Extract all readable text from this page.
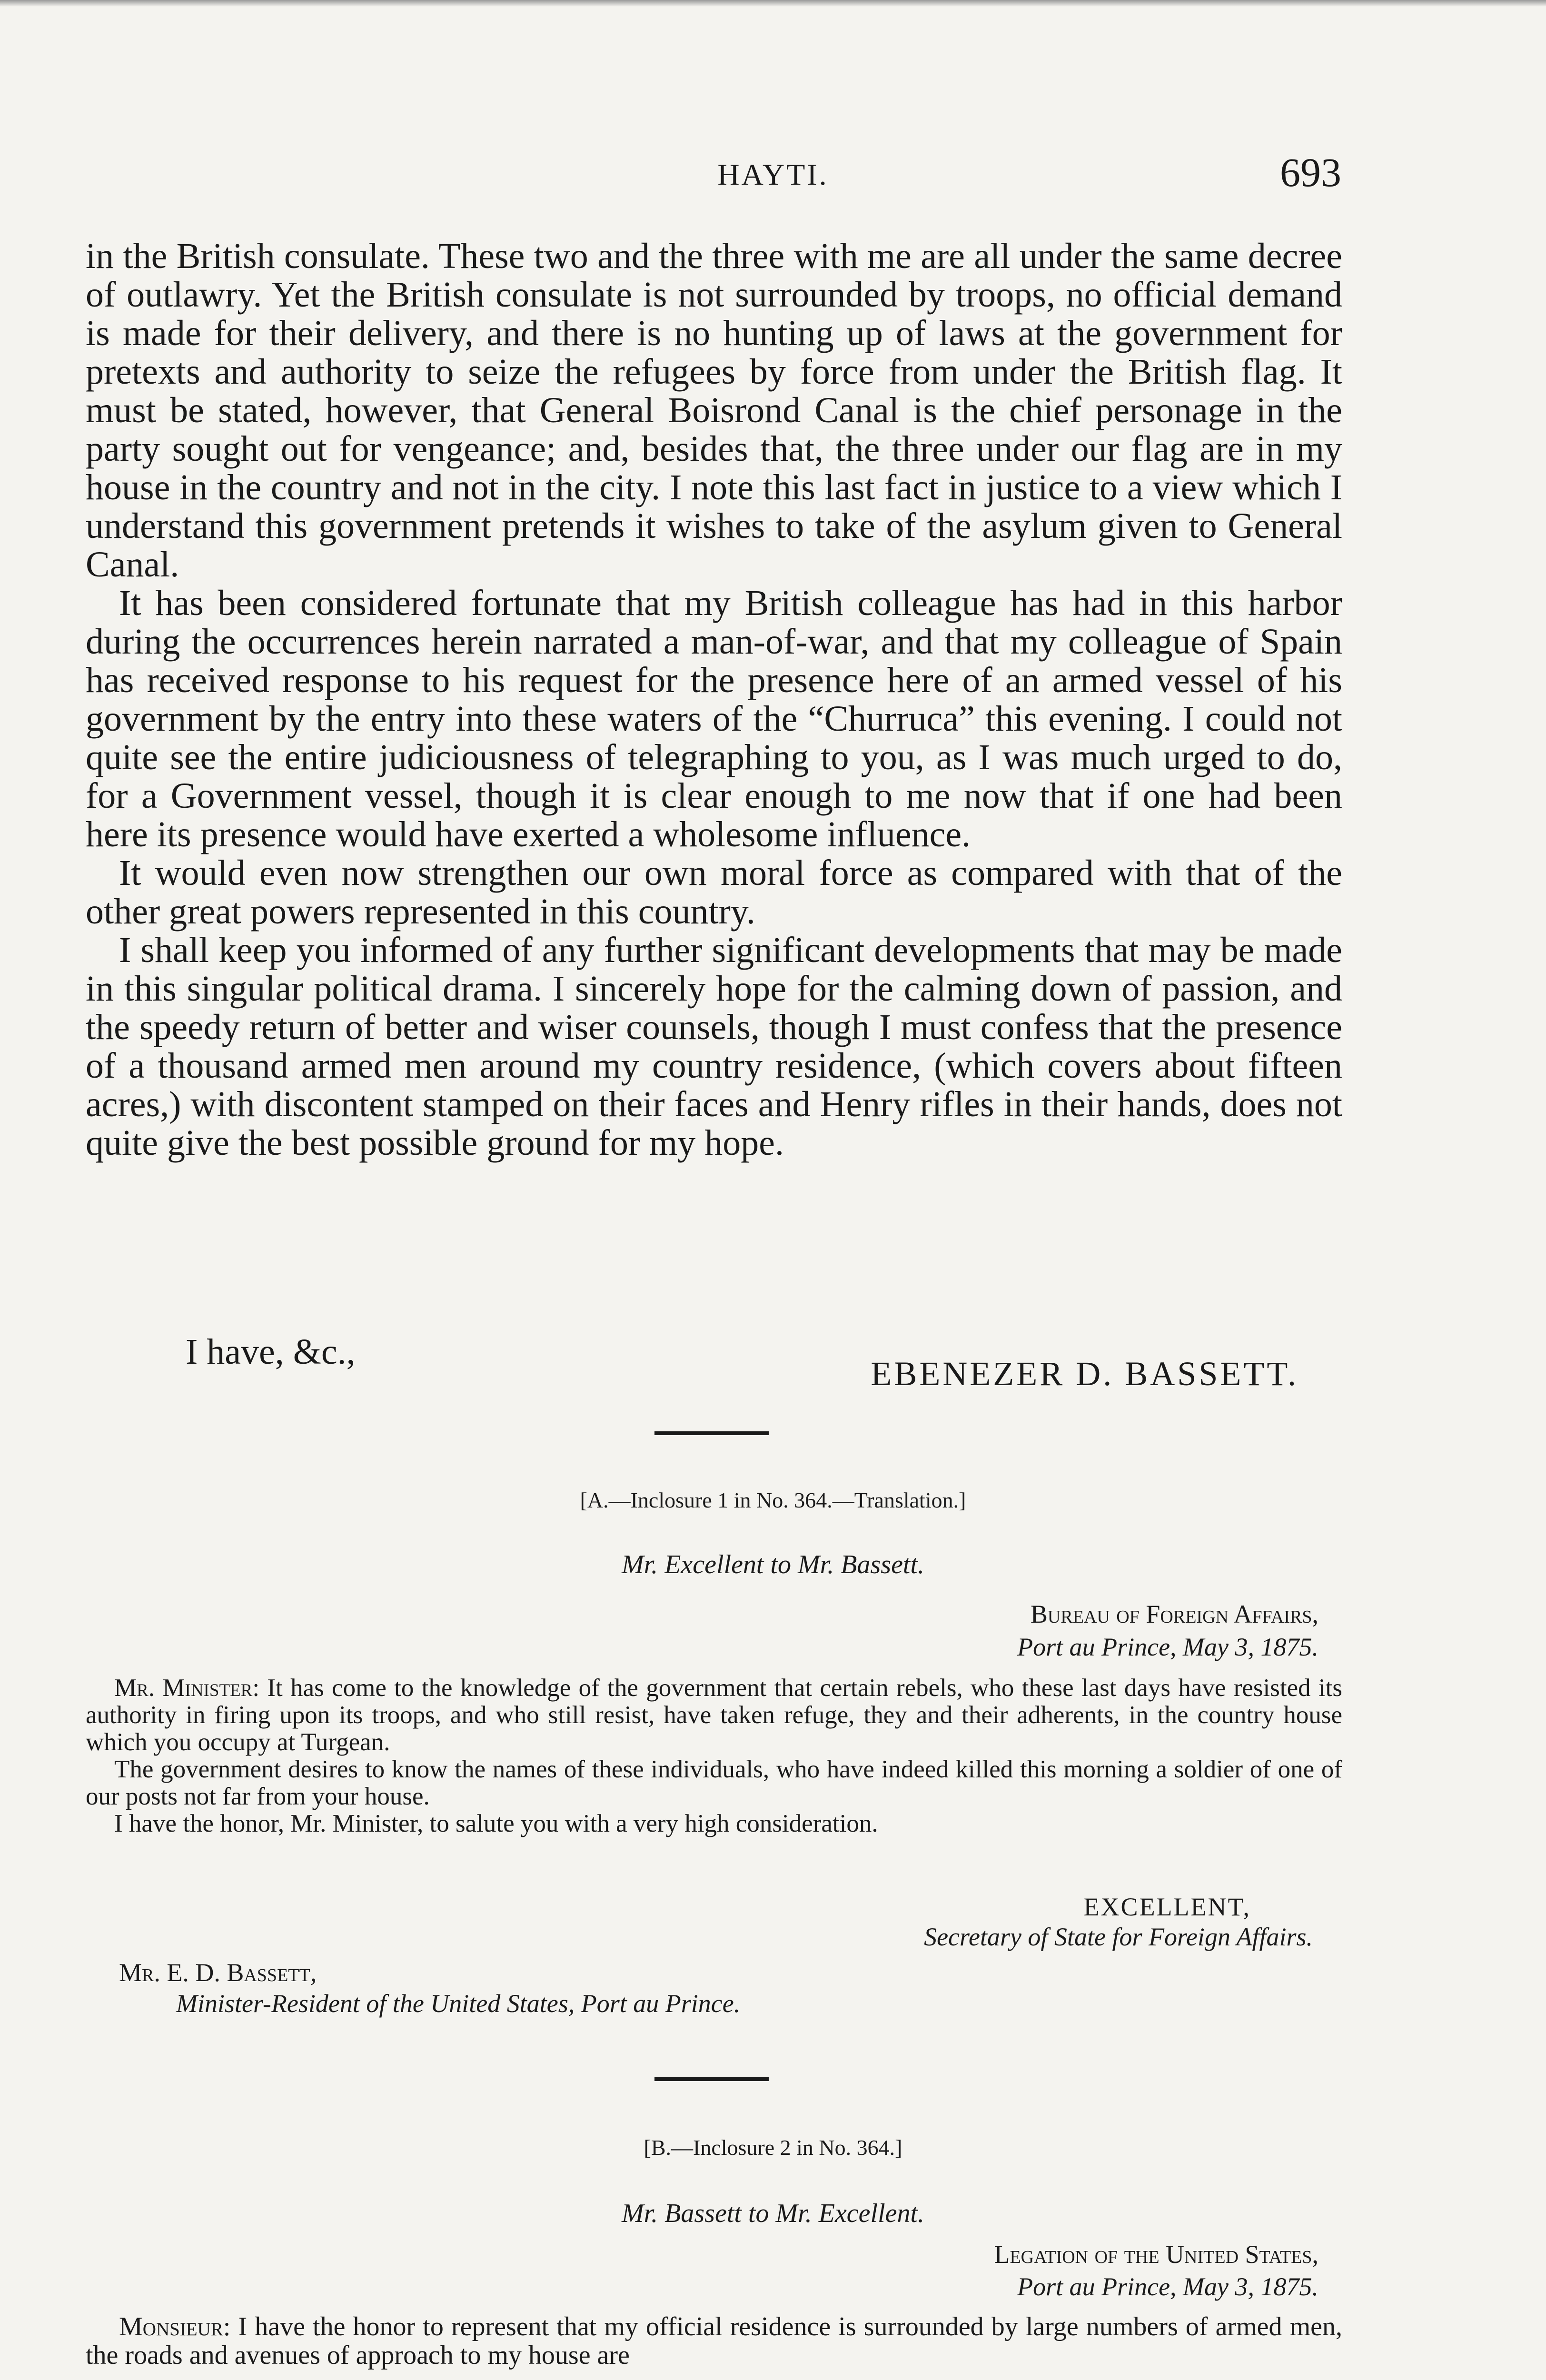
HAYTI.	693

in the British consulate. These two and the three with me are all under the same decree of outlawry. Yet the British consulate is not surrounded by troops, no official demand is made for their delivery, and there is no hunting up of laws at the government for pretexts and authority to seize the refugees by force from under the British flag. It must be stated, however, that General Boisrond Canal is the chief personage in the party sought out for vengeance; and, besides that, the three under our flag are in my house in the country and not in the city. I note this last fact in justice to a view which I understand this government pretends it wishes to take of the asylum given to General Canal.

It has been considered fortunate that my British colleague has had in this harbor during the occurrences herein narrated a man-of-war, and that my colleague of Spain has received response to his request for the presence here of an armed vessel of his government by the entry into these waters of the “Churruca” this evening. I could not quite see the entire judiciousness of telegraphing to you, as I was much urged to do, for a Government vessel, though it is clear enough to me now that if one had been here its presence would have exerted a wholesome influence.

It would even now strengthen our own moral force as compared with that of the other great powers represented in this country.

I shall keep you informed of any further significant developments that may be made in this singular political drama. I sincerely hope for the calming down of passion, and the speedy return of better and wiser counsels, though I must confess that the presence of a thousand armed men around my country residence, (which covers about fifteen acres,) with discontent stamped on their faces and Henry rifles in their hands, does not quite give the best possible ground for my hope.

I have, &c.,
EBENEZER D. BASSETT.
[A.—Inclosure 1 in No. 364.—Translation.]
Mr. Excellent to Mr. Bassett.
Bureau of Foreign Affairs,
Port au Prince, May 3, 1875.

Mr. Minister: It has come to the knowledge of the government that certain rebels, who these last days have resisted its authority in firing upon its troops, and who still resist, have taken refuge, they and their adherents, in the country house which you occupy at Turgean.

The government desires to know the names of these individuals, who have indeed killed this morning a soldier of one of our posts not far from your house.

I have the honor, Mr. Minister, to salute you with a very high consideration.

EXCELLENT,
Secretary of State for Foreign Affairs.
Mr. E. D. Bassett,
Minister-Resident of the United States, Port au Prince.
[B.—Inclosure 2 in No. 364.]
Mr. Bassett to Mr. Excellent.
Legation of the United States,
Port au Prince, May 3, 1875.

Monsieur: I have the honor to represent that my official residence is surrounded by large numbers of armed men, the roads and avenues of approach to my house are
